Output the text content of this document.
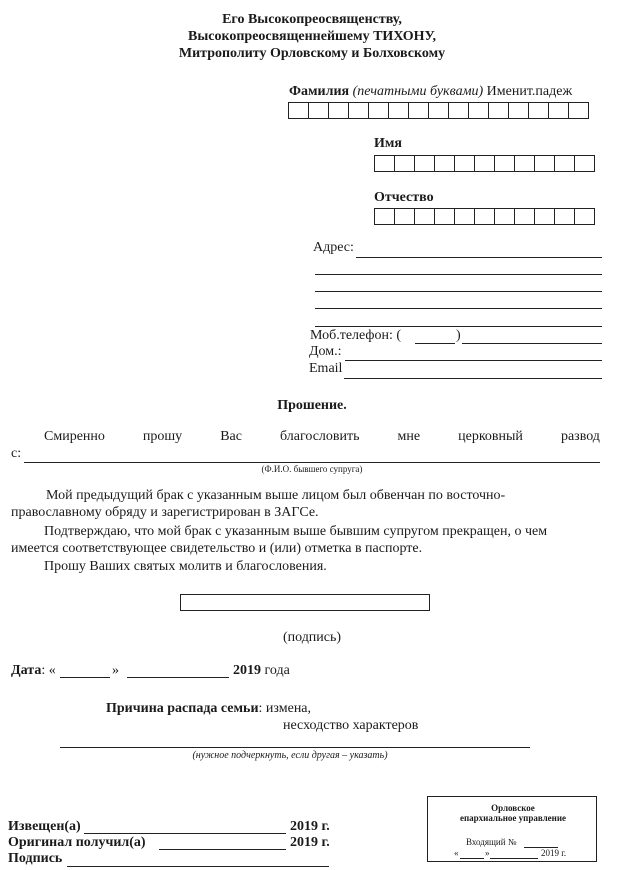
Его Высокопреосвященству,
Высокопреосвященнейшему ТИХОНУ,
Митрополиту Орловскому и Болховскому
Фамилия (печатными буквами) Именит.падеж
Имя
Отчество
Адрес:
Моб.телефон: (	)
Дом.:
Email
Прошение.
Смиренно	прошу	Вас	благословить	мне	церковный	развод
с:
(Ф.И.О. бывшего супруга)
Мой предыдущий брак с указанным выше лицом был обвенчан по восточно-
православному обряду и зарегистрирован в ЗАГСе.
Подтверждаю, что мой брак с указанным выше бывшим супругом прекращен, о чем
имеется соответствующее свидетельство и (или) отметка в паспорте.
Прошу Ваших святых молитв и благословения.
(подпись)
Дата: «	»	2019 года
Причина распада семьи: измена,
несходство характеров
(нужное подчеркнуть, если другая – указать)
Извещен(а)	2019 г.
Оригинал получил(а)	2019 г.
Подпись
Орловское
епархиальное управление
Входящий №
«	»	2019 г.
